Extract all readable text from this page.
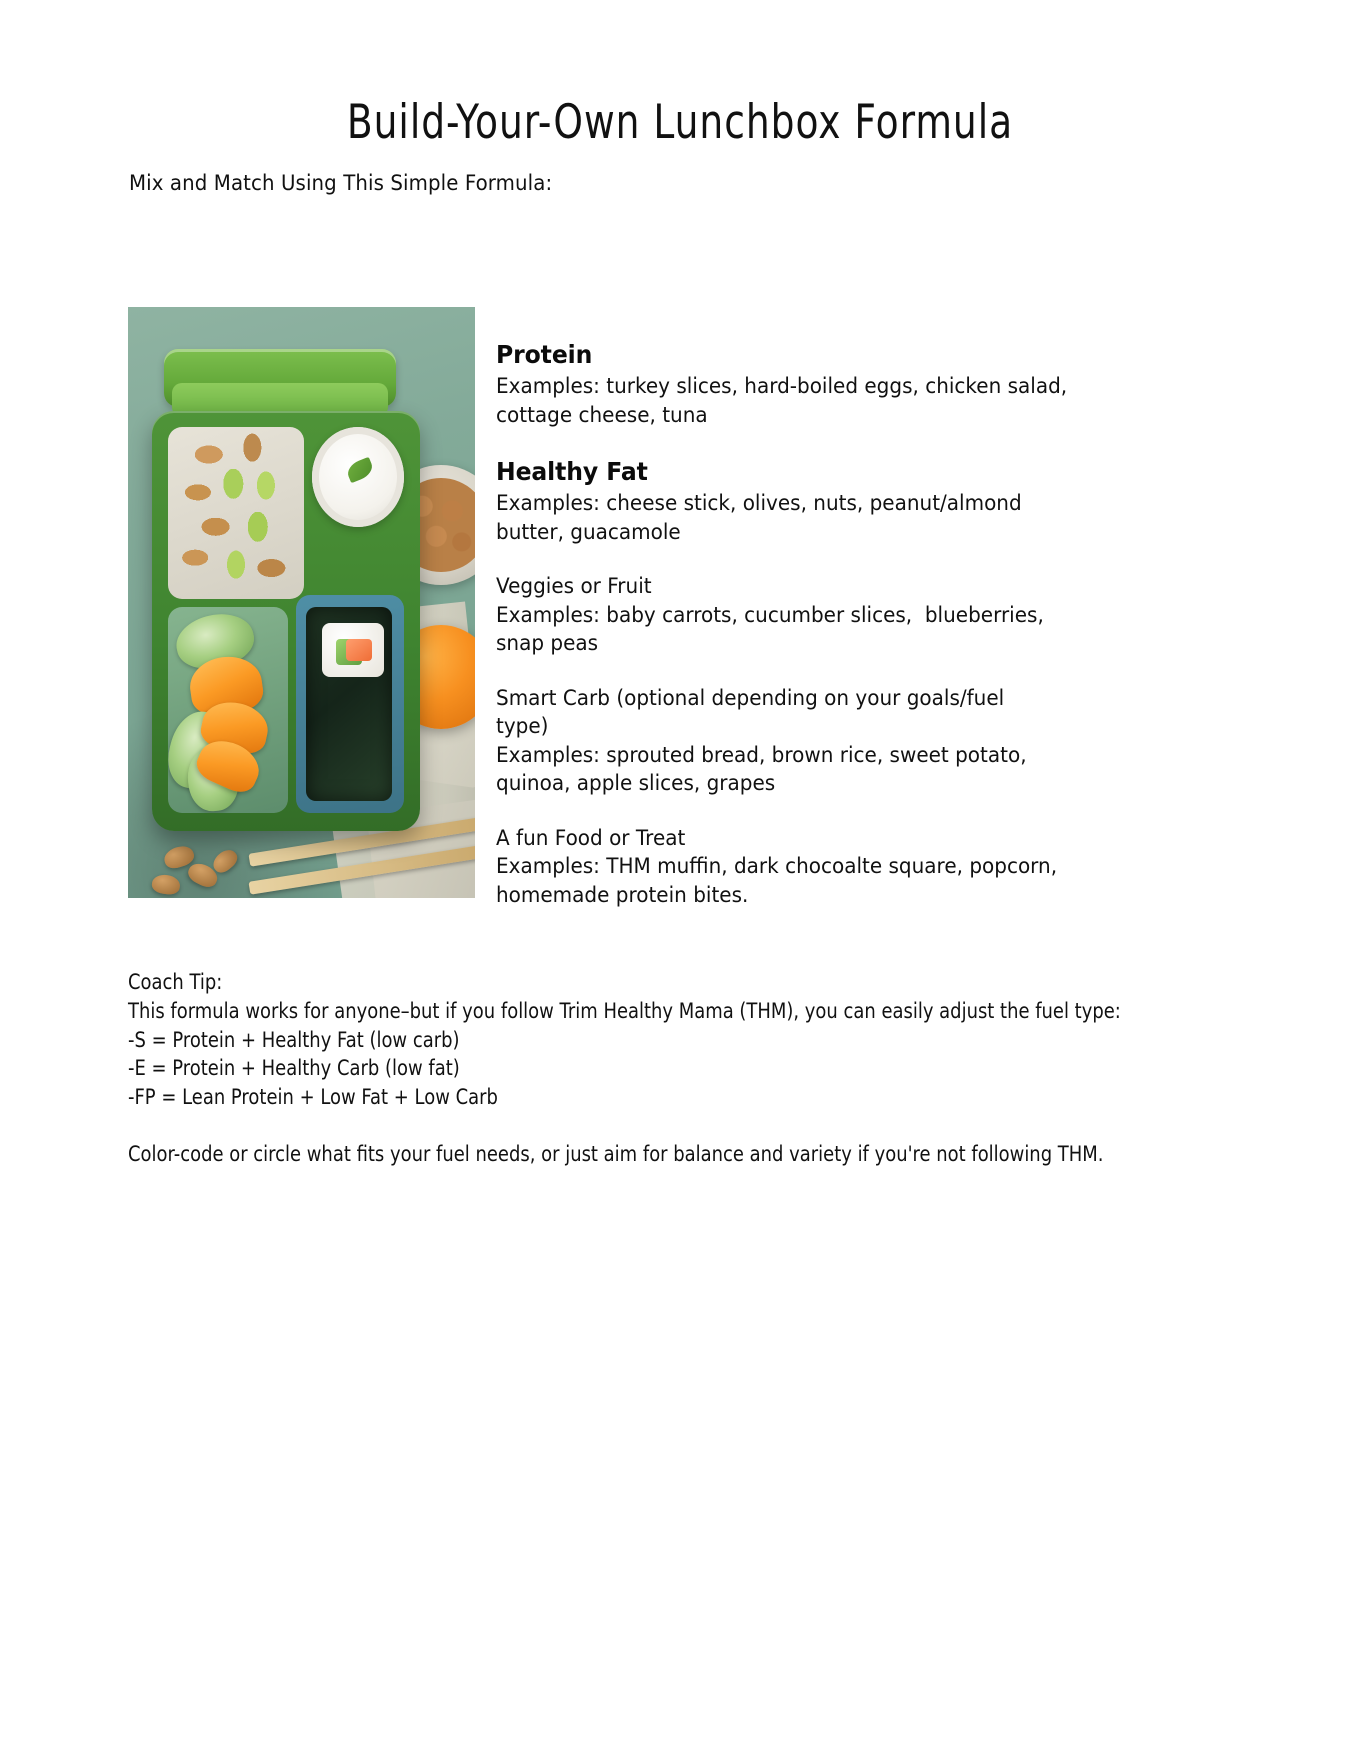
Build-Your-Own Lunchbox Formula
Mix and Match Using This Simple Formula:

Protein

Examples: turkey slices, hard-boiled eggs, chicken salad, cottage cheese, tuna

Healthy Fat

Examples: cheese stick, olives, nuts, peanut/almond butter, guacamole

Veggies or Fruit

Examples: baby carrots, cucumber slices,  blueberries, snap peas

Smart Carb (optional depending on your goals/fuel type)

Examples: sprouted bread, brown rice, sweet potato, quinoa, apple slices, grapes

A fun Food or Treat

Examples: THM muffin, dark chocoalte square, popcorn, homemade protein bites.

Coach Tip:

This formula works for anyone–but if you follow Trim Healthy Mama (THM), you can easily adjust the fuel type:

-S = Protein + Healthy Fat (low carb)

-E = Protein + Healthy Carb (low fat)

-FP = Lean Protein + Low Fat + Low Carb

Color-code or circle what fits your fuel needs, or just aim for balance and variety if you're not following THM.
